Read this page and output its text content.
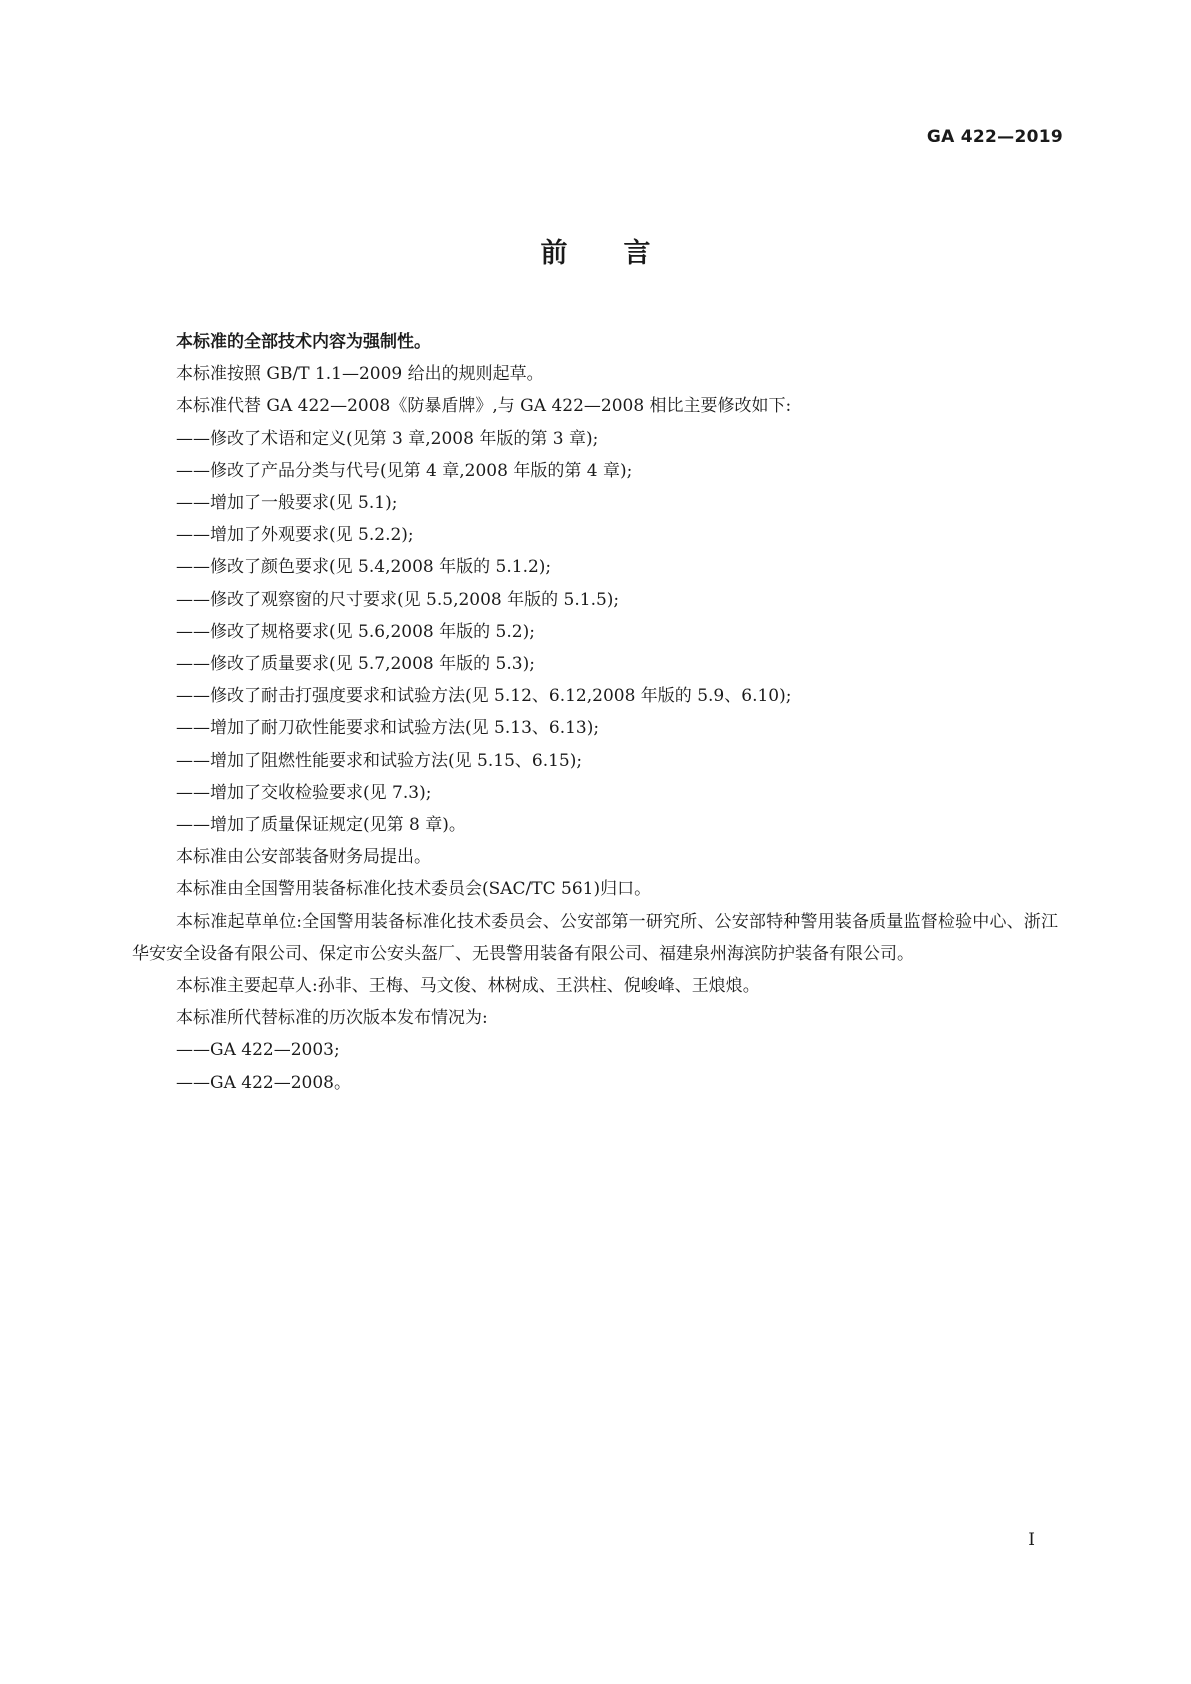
GA 422—2019
前言

本标准的全部技术内容为强制性。

本标准按照 GB/T 1.1—2009 给出的规则起草。

本标准代替 GA 422—2008《防暴盾牌》,与 GA 422—2008 相比主要修改如下:

——修改了术语和定义(见第 3 章,2008 年版的第 3 章);

——修改了产品分类与代号(见第 4 章,2008 年版的第 4 章);

——增加了一般要求(见 5.1);

——增加了外观要求(见 5.2.2);

——修改了颜色要求(见 5.4,2008 年版的 5.1.2);

——修改了观察窗的尺寸要求(见 5.5,2008 年版的 5.1.5);

——修改了规格要求(见 5.6,2008 年版的 5.2);

——修改了质量要求(见 5.7,2008 年版的 5.3);

——修改了耐击打强度要求和试验方法(见 5.12、6.12,2008 年版的 5.9、6.10);

——增加了耐刀砍性能要求和试验方法(见 5.13、6.13);

——增加了阻燃性能要求和试验方法(见 5.15、6.15);

——增加了交收检验要求(见 7.3);

——增加了质量保证规定(见第 8 章)。

本标准由公安部装备财务局提出。

本标准由全国警用装备标准化技术委员会(SAC/TC 561)归口。

本标准起草单位:全国警用装备标准化技术委员会、公安部第一研究所、公安部特种警用装备质量监督检验中心、浙江华安安全设备有限公司、保定市公安头盔厂、无畏警用装备有限公司、福建泉州海滨防护装备有限公司。

本标准主要起草人:孙非、王梅、马文俊、林树成、王洪柱、倪峻峰、王烺烺。

本标准所代替标准的历次版本发布情况为:

——GA 422—2003;

——GA 422—2008。

I
